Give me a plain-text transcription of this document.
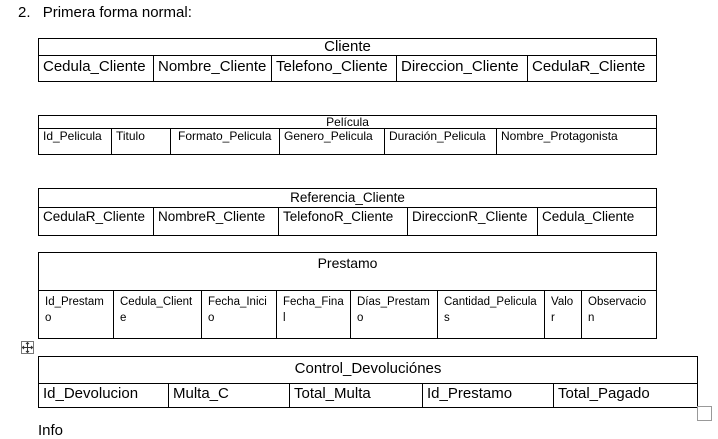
2. Primera forma normal:
Cliente
Cedula_Cliente	Nombre_Cliente	Telefono_Cliente	Direccion_Cliente	CedulaR_Cliente
Película
Id_Pelicula	Titulo	Formato_Pelicula	Genero_Pelicula	Duración_Pelicula	Nombre_Protagonista
Referencia_Cliente
CedulaR_Cliente	NombreR_Cliente	TelefonoR_Cliente	DireccionR_Cliente	Cedula_Cliente
Prestamo
Id_Prestamo	Cedula_Cliente	Fecha_Inicio	Fecha_Final	Días_Prestamo	Cantidad_Peliculas	Valor	Observacion
Control_Devoluciónes
Id_Devolucion	Multa_C	Total_Multa	Id_Prestamo	Total_Pagado
Info
